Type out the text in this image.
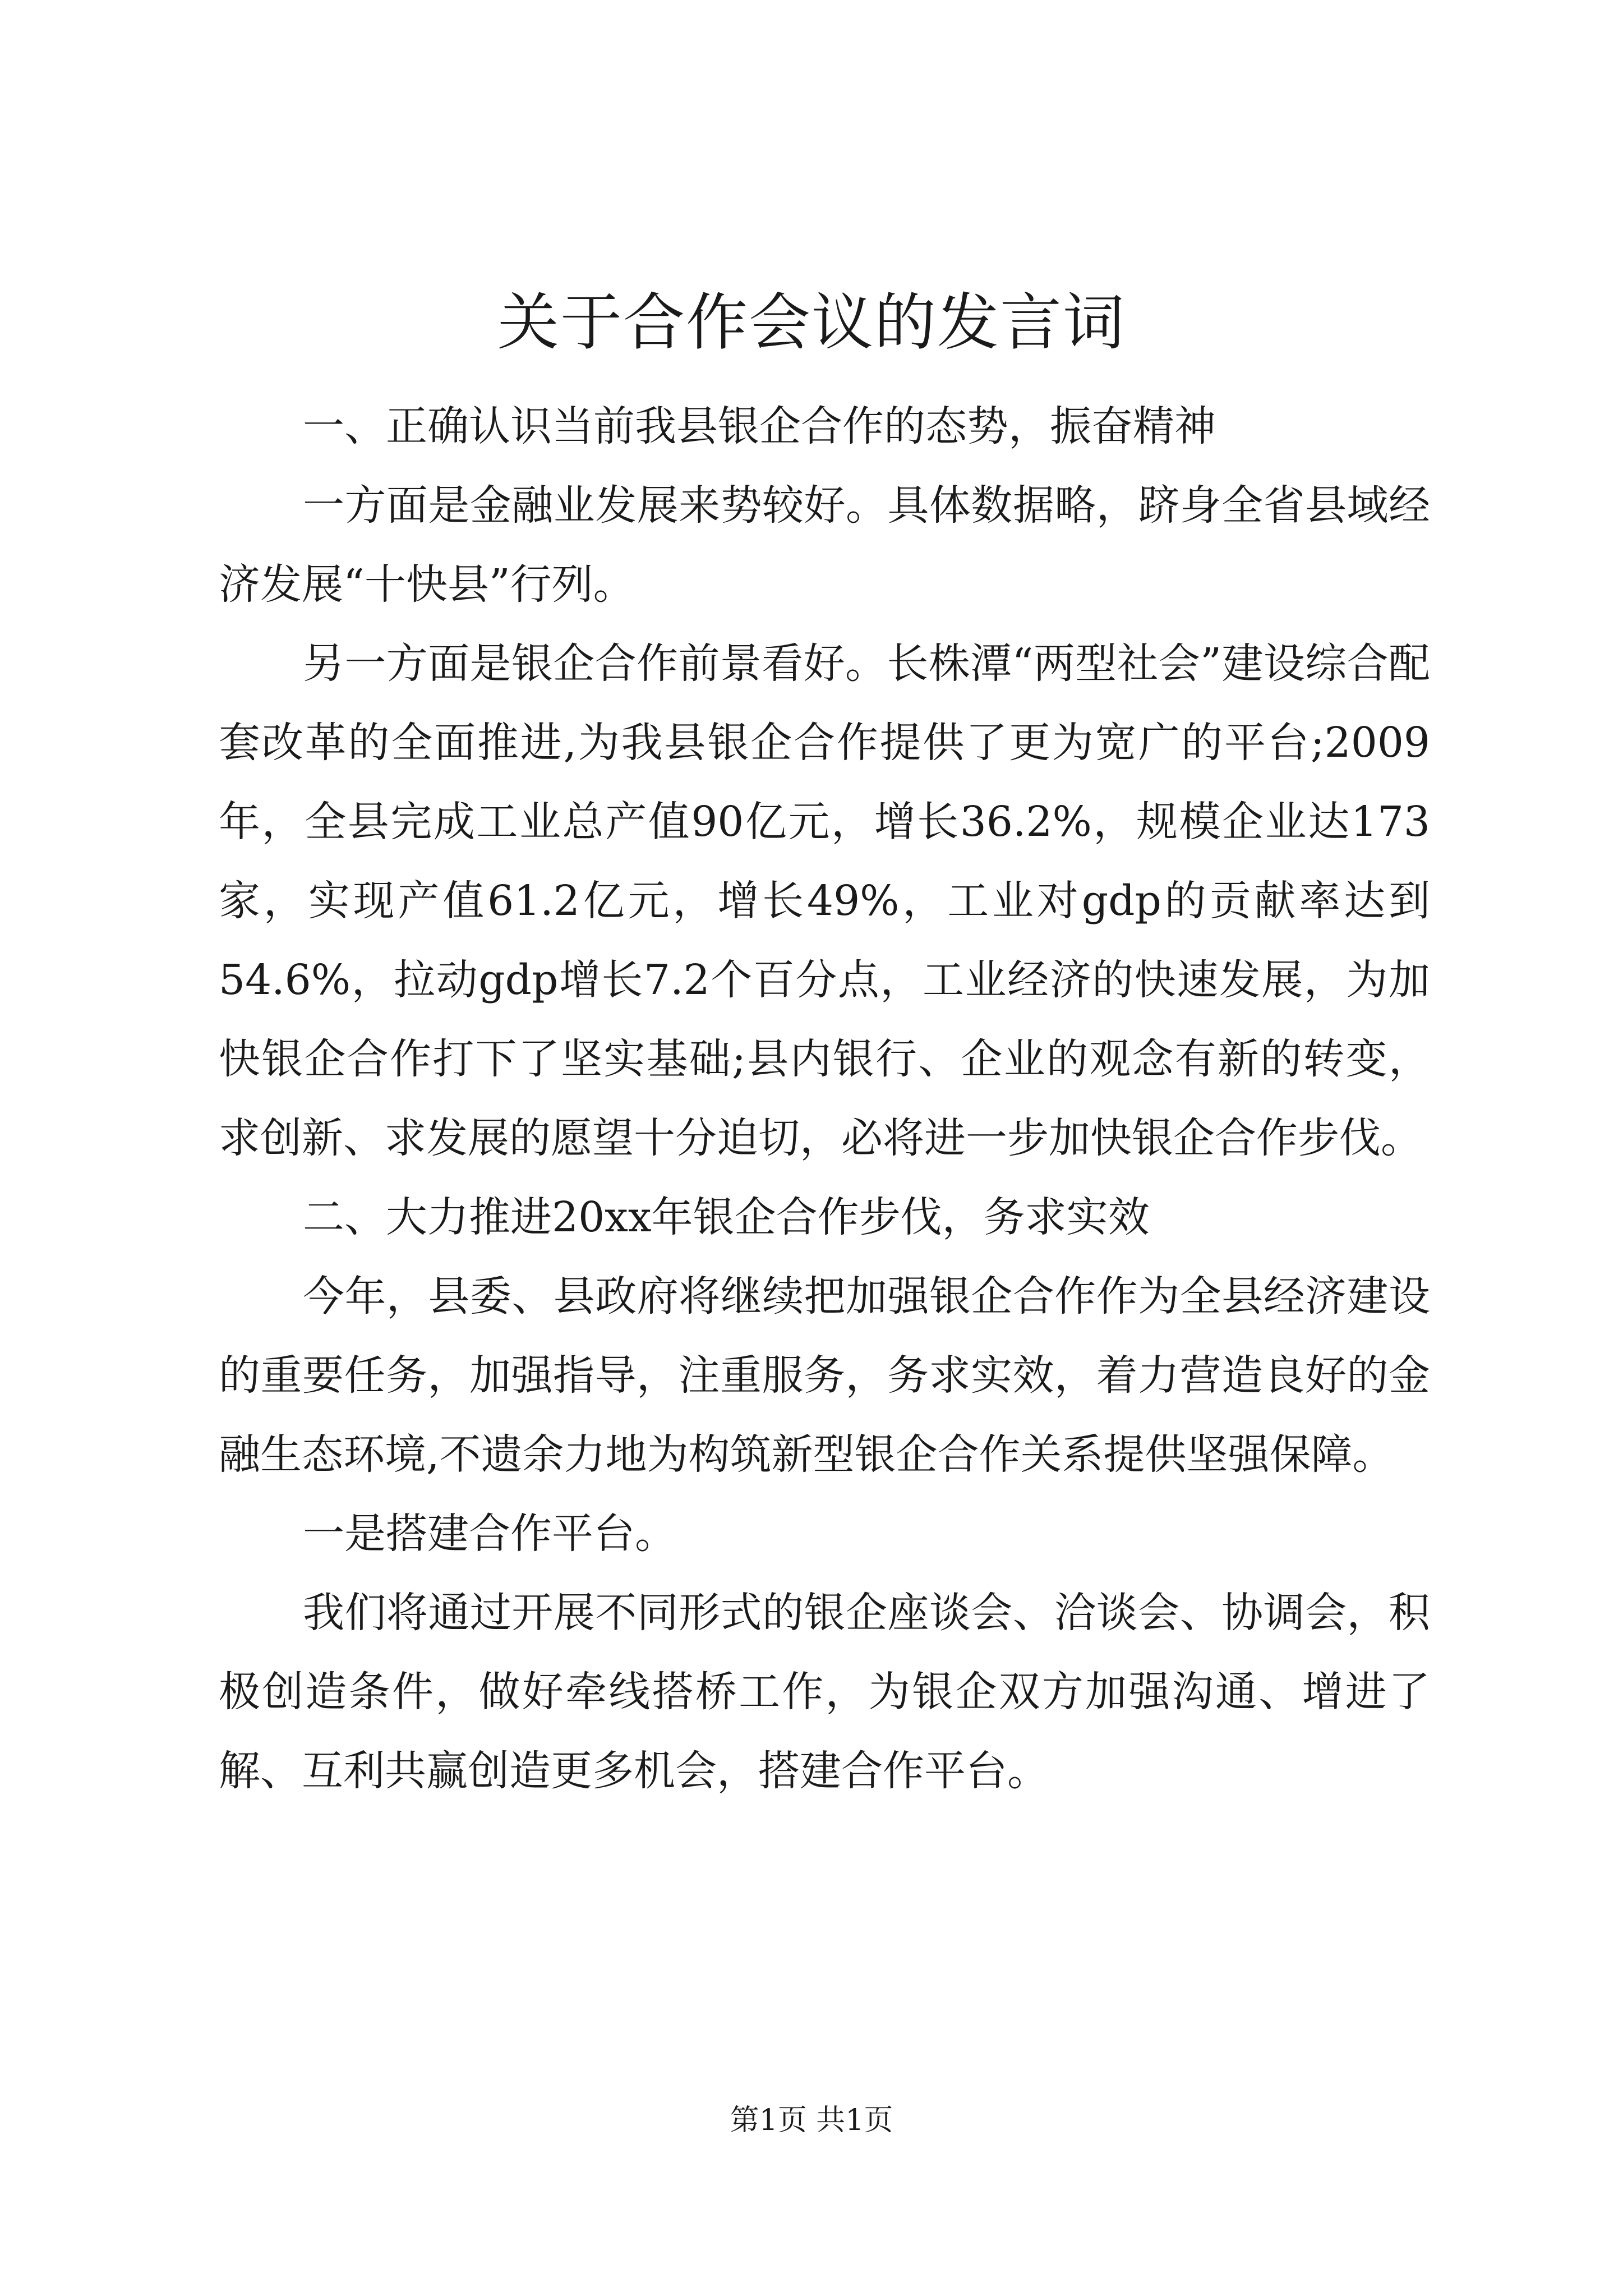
关于合作会议的发言词

一、正确认识当前我县银企合作的态势，振奋精神

一方面是金融业发展来势较好。具体数据略，跻身全省县域经济发展“十快县”行列。

另一方面是银企合作前景看好。长株潭“两型社会”建设综合配套改革的全面推进,为我县银企合作提供了更为宽广的平台;2009年，全县完成工业总产值90亿元，增长36.2%，规模企业达173家，实现产值61.2亿元，增长49%，工业对gdp的贡献率达到54.6%，拉动gdp增长7.2个百分点，工业经济的快速发展，为加快银企合作打下了坚实基础;县内银行、企业的观念有新的转变，求创新、求发展的愿望十分迫切，必将进一步加快银企合作步伐。

二、大力推进20xx年银企合作步伐，务求实效

今年，县委、县政府将继续把加强银企合作作为全县经济建设的重要任务，加强指导，注重服务，务求实效，着力营造良好的金融生态环境,不遗余力地为构筑新型银企合作关系提供坚强保障。

一是搭建合作平台。

我们将通过开展不同形式的银企座谈会、洽谈会、协调会，积极创造条件，做好牵线搭桥工作，为银企双方加强沟通、增进了解、互利共赢创造更多机会，搭建合作平台。

第1页 共1页
